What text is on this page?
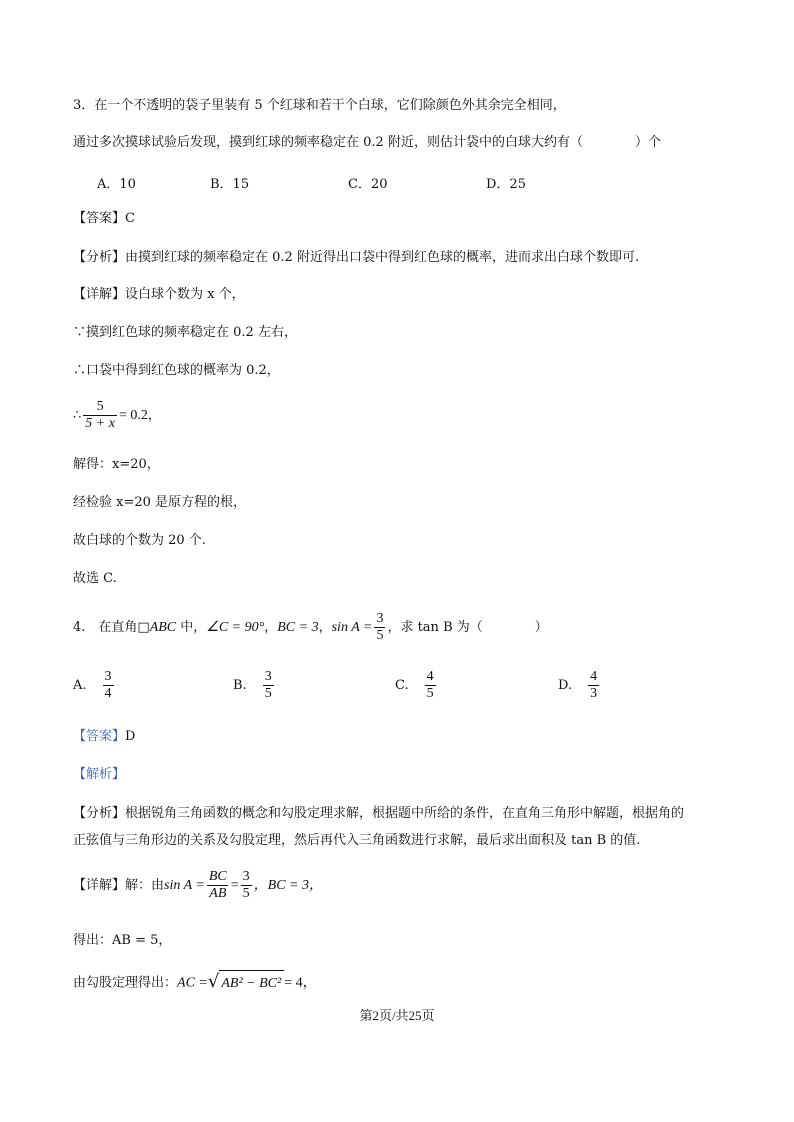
3．在一个不透明的袋子里装有 5 个红球和若干个白球，它们除颜色外其余完全相同，
通过多次摸球试验后发现，摸到红球的频率稳定在 0.2 附近，则估计袋中的白球大约有（　　　　）个
A．10	B．15	C．20	D．25
【答案】C
【分析】由摸到红球的频率稳定在 0.2 附近得出口袋中得到红色球的概率，进而求出白球个数即可.
【详解】设白球个数为 x 个，
∵摸到红色球的频率稳定在 0.2 左右，
∴口袋中得到红色球的概率为 0.2，
∴ $\frac{5}{5 + x} = 0.2$，
解得：x=20，
经检验 x=20 是原方程的根，
故白球的个数为 20 个.
故选 C.
4.　在直角□ABC 中，∠C = 90°，BC = 3，$\sin A = \frac{3}{5}$ ，求 tan B 为（　　　　）
A. $\frac{3}{4}$	B. $\frac{3}{5}$	C. $\frac{4}{5}$	D. $\frac{4}{3}$
【答案】D
【解析】
【分析】根据锐角三角函数的概念和勾股定理求解，根据题中所给的条件，在直角三角形中解题，根据角的
正弦值与三角形边的关系及勾股定理，然后再代入三角函数进行求解，最后求出面积及 tan B 的值.
【详解】解：由$\sin A = \frac{BC}{AB} = \frac{3}{5}$ ，BC = 3，
得出：AB = 5，
由勾股定理得出：AC =√ AB² − BC² = 4，
第2页/共25页
